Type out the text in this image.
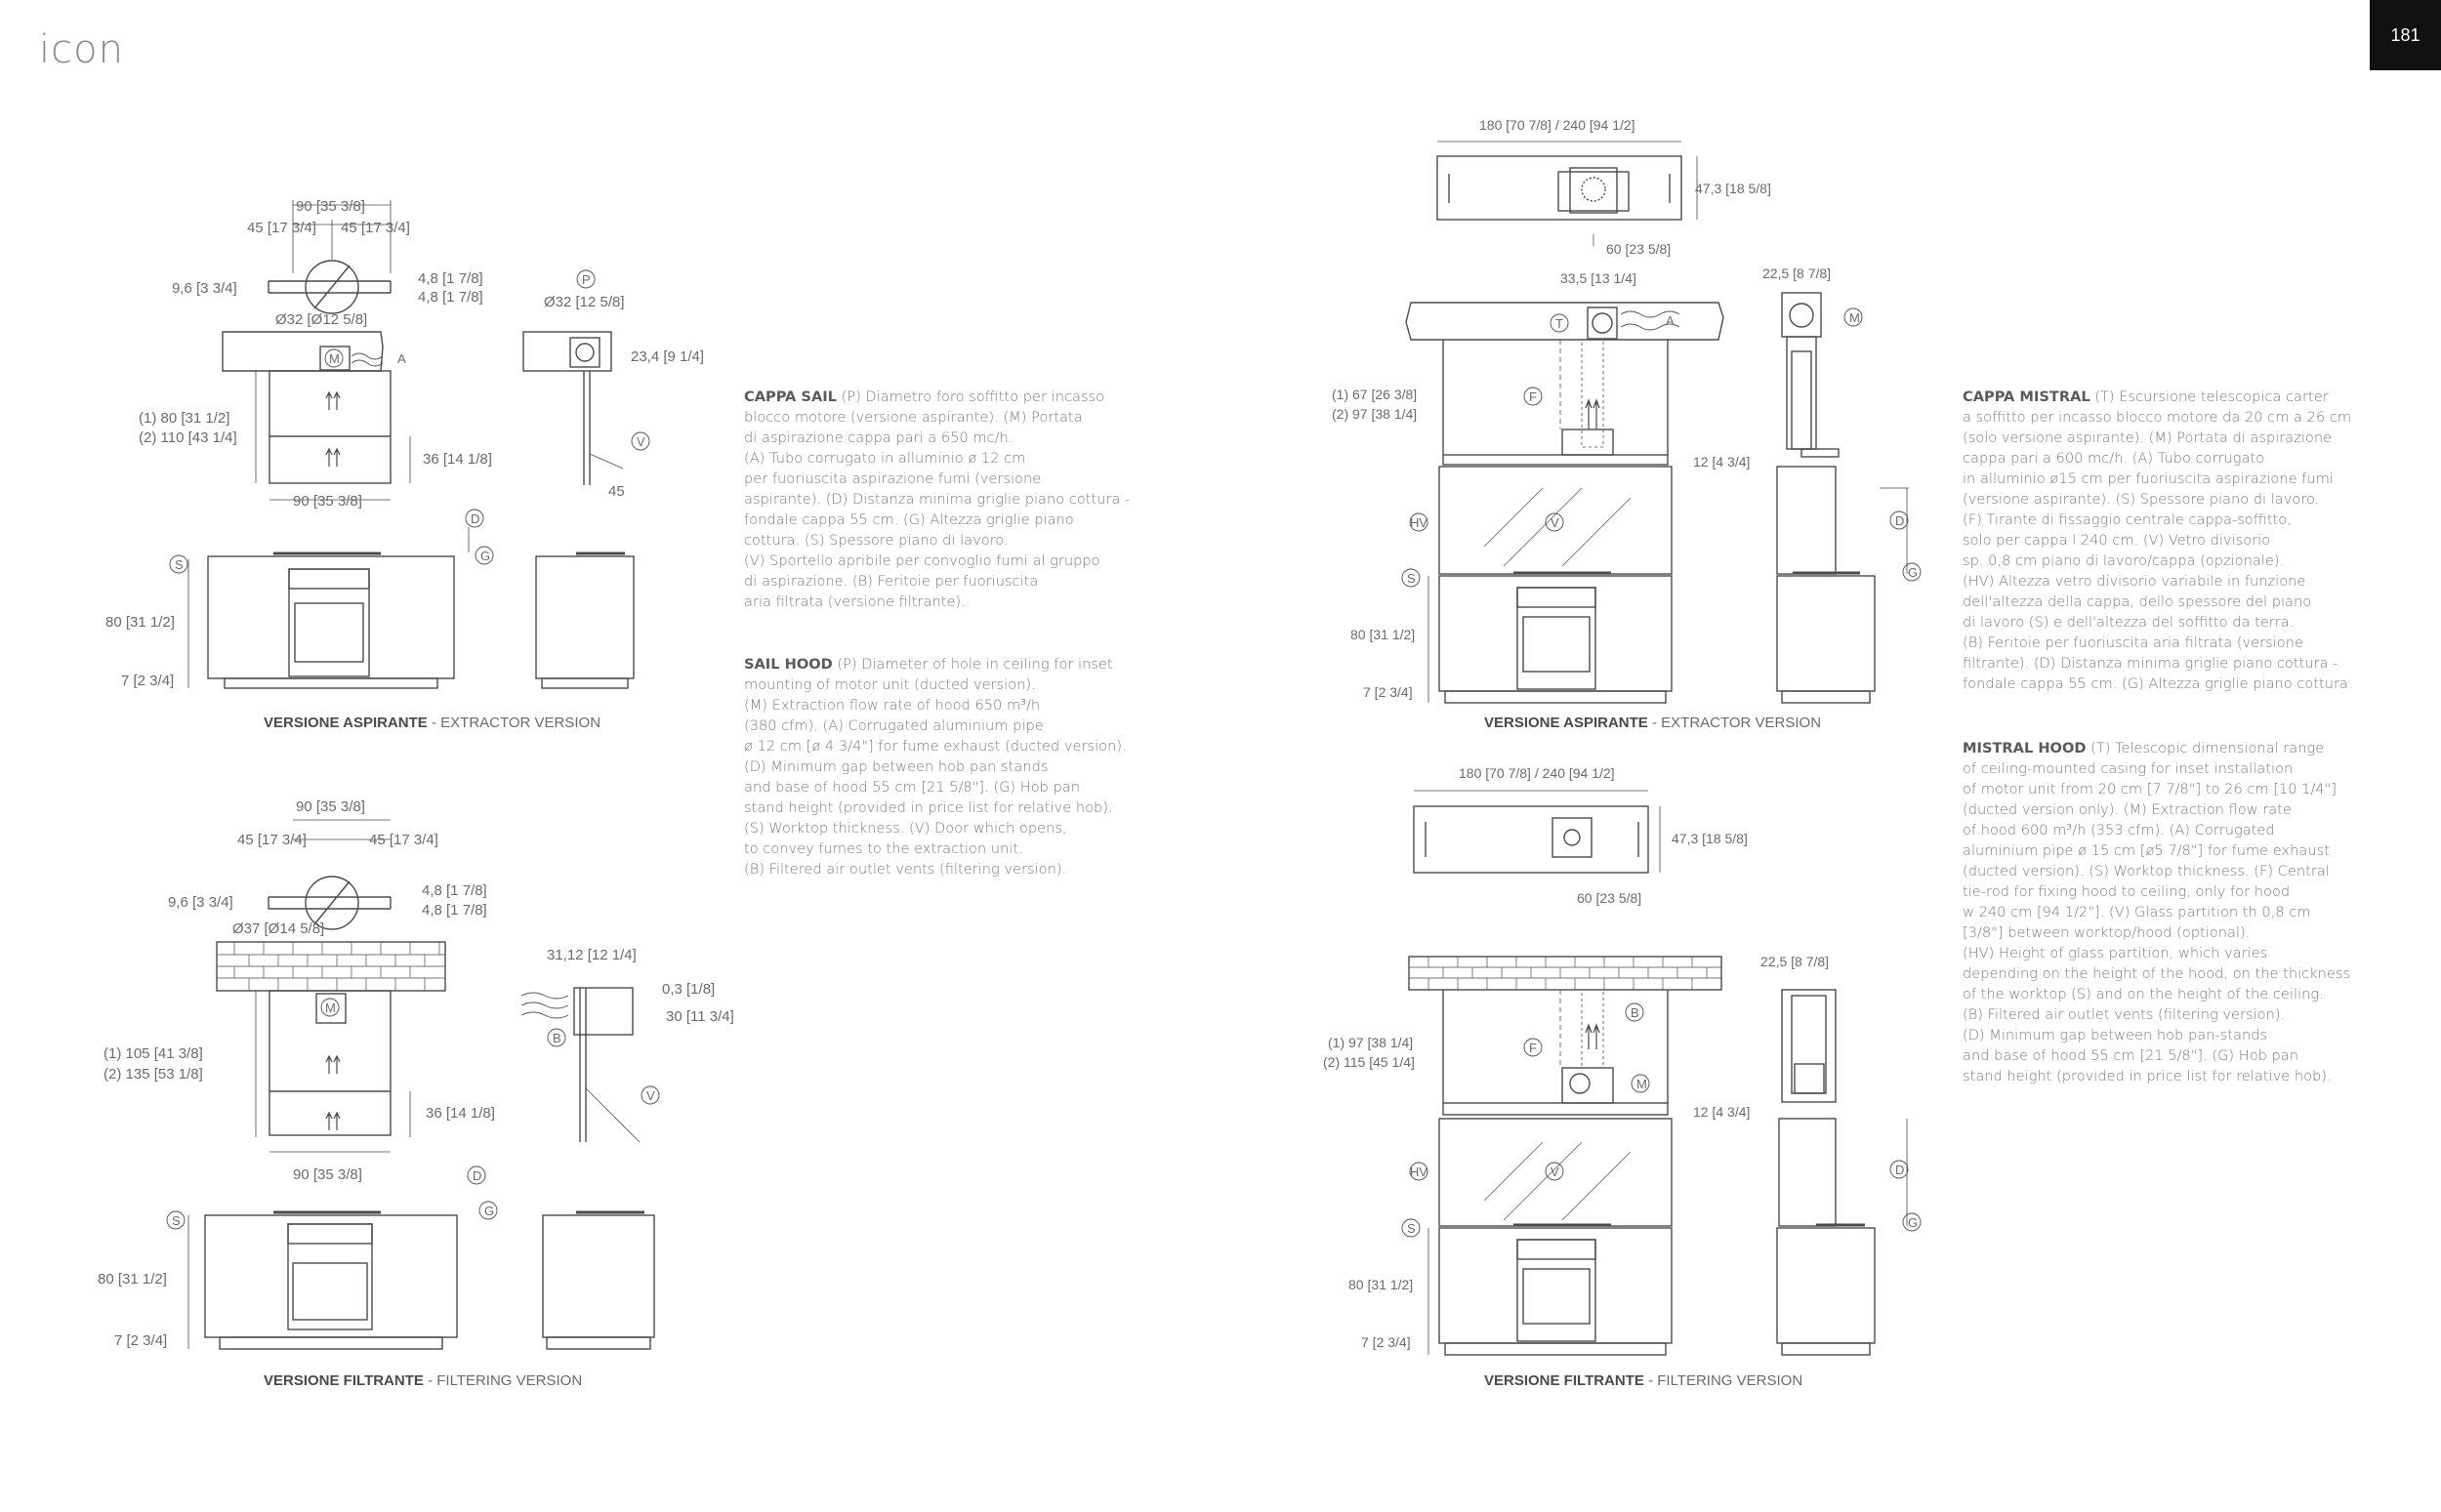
icon	181
90 [35 3/8]
45 [17 3/4] 45 [17 3/4]
9,6 [3 3/4]
4,8 [1 7/8]
4,8 [1 7/8]
Ø32 [Ø12 5/8]
M	A
(1) 80 [31 1/2]
(2) 110 [43 1/4]
36 [14 1/8]
90 [35 3/8]
P
Ø32 [12 5/8]
23,4 [9 1/4]
V
45
D
G
S
80 [31 1/2]
7 [2 3/4]
VERSIONE ASPIRANTE - EXTRACTOR VERSION
90 [35 3/8]
45 [17 3/4]	45 [17 3/4]
9,6 [3 3/4]
4,8 [1 7/8]
4,8 [1 7/8]
Ø37 [Ø14 5/8]
M
(1) 105 [41 3/8]
(2) 135 [53 1/8]
36 [14 1/8]
90 [35 3/8]
31,12 [12 1/4]
0,3 [1/8]
30 [11 3/4]
B
V
D
G
S
80 [31 1/2]
7 [2 3/4]
VERSIONE FILTRANTE - FILTERING VERSION
180 [70 7/8] / 240 [94 1/2]
47,3 [18 5/8]
60 [23 5/8]
33,5 [13 1/4]	22,5 [8 7/8]
T	A	M
F
(1) 67 [26 3/8]
(2) 97 [38 1/4]
12 [4 3/4]
HV	V
S
D
G
80 [31 1/2]
7 [2 3/4]
VERSIONE ASPIRANTE - EXTRACTOR VERSION
180 [70 7/8] / 240 [94 1/2]
47,3 [18 5/8]
60 [23 5/8]
22,5 [8 7/8]
B
M
F
(1) 97 [38 1/4]
(2) 115 [45 1/4]
12 [4 3/4]
HV	V
S
D
G
80 [31 1/2]
7 [2 3/4]
VERSIONE FILTRANTE - FILTERING VERSION
CAPPA SAIL (P) Diametro foro soffitto per incasso
blocco motore (versione aspirante). (M) Portata
di aspirazione cappa pari a 650 mc/h.
(A) Tubo corrugato in alluminio ø 12 cm
per fuoriuscita aspirazione fumi (versione
aspirante). (D) Distanza minima griglie piano cottura -
fondale cappa 55 cm. (G) Altezza griglie piano
cottura. (S) Spessore piano di lavoro.
(V) Sportello apribile per convoglio fumi al gruppo
di aspirazione. (B) Feritoie per fuoriuscita
aria filtrata (versione filtrante).
SAIL HOOD (P) Diameter of hole in ceiling for inset
mounting of motor unit (ducted version).
(M) Extraction flow rate of hood 650 m³/h
(380 cfm). (A) Corrugated aluminium pipe
ø 12 cm [ø 4 3/4"] for fume exhaust (ducted version).
(D) Minimum gap between hob pan stands
and base of hood 55 cm [21 5/8"]. (G) Hob pan
stand height (provided in price list for relative hob).
(S) Worktop thickness. (V) Door which opens,
to convey fumes to the extraction unit.
(B) Filtered air outlet vents (filtering version).
CAPPA MISTRAL (T) Escursione telescopica carter
a soffitto per incasso blocco motore da 20 cm a 26 cm
(solo versione aspirante). (M) Portata di aspirazione
cappa pari a 600 mc/h. (A) Tubo corrugato
in alluminio ø15 cm per fuoriuscita aspirazione fumi
(versione aspirante). (S) Spessore piano di lavoro.
(F) Tirante di fissaggio centrale cappa-soffitto,
solo per cappa l 240 cm. (V) Vetro divisorio
sp. 0,8 cm piano di lavoro/cappa (opzionale).
(HV) Altezza vetro divisorio variabile in funzione
dell'altezza della cappa, dello spessore del piano
di lavoro (S) e dell'altezza del soffitto da terra.
(B) Feritoie per fuoriuscita aria filtrata (versione
filtrante). (D) Distanza minima griglie piano cottura -
fondale cappa 55 cm. (G) Altezza griglie piano cottura.
MISTRAL HOOD (T) Telescopic dimensional range
of ceiling-mounted casing for inset installation
of motor unit from 20 cm [7 7/8"] to 26 cm [10 1/4"]
(ducted version only). (M) Extraction flow rate
of hood 600 m³/h (353 cfm). (A) Corrugated
aluminium pipe ø 15 cm [ø5 7/8"] for fume exhaust
(ducted version). (S) Worktop thickness. (F) Central
tie-rod for fixing hood to ceiling, only for hood
w 240 cm [94 1/2"]. (V) Glass partition th 0,8 cm
[3/8"] between worktop/hood (optional).
(HV) Height of glass partition, which varies
depending on the height of the hood, on the thickness
of the worktop (S) and on the height of the ceiling.
(B) Filtered air outlet vents (filtering version).
(D) Minimum gap between hob pan-stands
and base of hood 55 cm [21 5/8"]. (G) Hob pan
stand height (provided in price list for relative hob).
